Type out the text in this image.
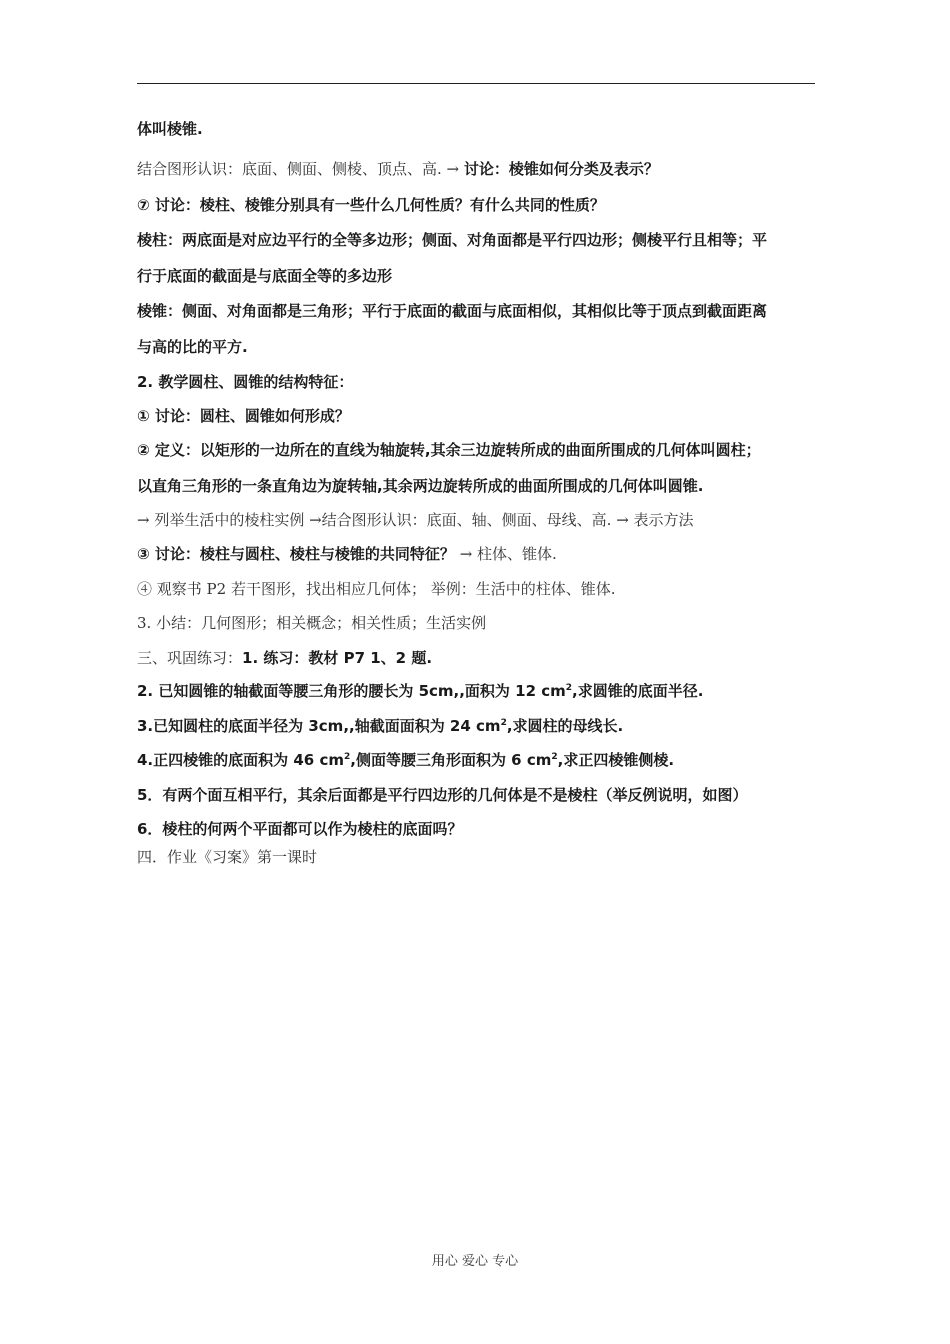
体叫棱锥.

结合图形认识：底面、侧面、侧棱、顶点、高. → 讨论：棱锥如何分类及表示？

⑦ 讨论：棱柱、棱锥分别具有一些什么几何性质？有什么共同的性质？

棱柱：两底面是对应边平行的全等多边形；侧面、对角面都是平行四边形；侧棱平行且相等；平

行于底面的截面是与底面全等的多边形

棱锥：侧面、对角面都是三角形；平行于底面的截面与底面相似，其相似比等于顶点到截面距离

与高的比的平方.

2. 教学圆柱、圆锥的结构特征：

① 讨论：圆柱、圆锥如何形成？

② 定义：以矩形的一边所在的直线为轴旋转,其余三边旋转所成的曲面所围成的几何体叫圆柱；

以直角三角形的一条直角边为旋转轴,其余两边旋转所成的曲面所围成的几何体叫圆锥.

→ 列举生活中的棱柱实例 →结合图形认识：底面、轴、侧面、母线、高. → 表示方法

③ 讨论：棱柱与圆柱、棱柱与棱锥的共同特征？ → 柱体、锥体.

④ 观察书 P2 若干图形，找出相应几何体； 举例：生活中的柱体、锥体.

3. 小结：几何图形；相关概念；相关性质；生活实例

三、巩固练习：1. 练习：教材 P7 1、2 题.

2. 已知圆锥的轴截面等腰三角形的腰长为 5cm,,面积为 12 $cm^2$,求圆锥的底面半径.

3.已知圆柱的底面半径为 3cm,,轴截面面积为 24 $cm^2$,求圆柱的母线长.

4.正四棱锥的底面积为 46 $cm^2$,侧面等腰三角形面积为 6 $cm^2$,求正四棱锥侧棱.

5．有两个面互相平行，其余后面都是平行四边形的几何体是不是棱柱（举反例说明，如图）

6．棱柱的何两个平面都可以作为棱柱的底面吗？

四．作业《习案》第一课时

用心 爱心 专心
